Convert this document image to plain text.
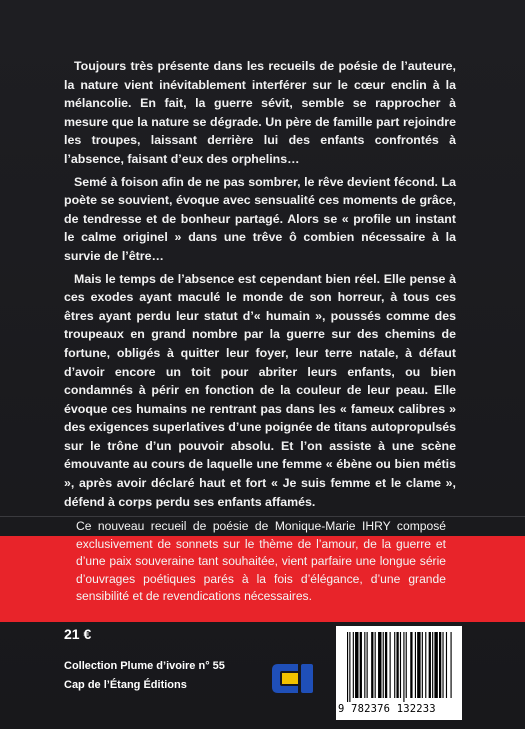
Toujours très présente dans les recueils de poésie de l’auteure, la nature vient inévitablement interférer sur le cœur enclin à la mélancolie. En fait, la guerre sévit, semble se rapprocher à mesure que la nature se dégrade. Un père de famille part rejoindre les troupes, laissant derrière lui des enfants confrontés à l’absence, faisant d’eux des orphelins…

Semé à foison afin de ne pas sombrer, le rêve devient fécond. La poète se souvient, évoque avec sensualité ces moments de grâce, de tendresse et de bonheur partagé. Alors se « profile un instant le calme originel » dans une trêve ô combien nécessaire à la survie de l’être…

Mais le temps de l’absence est cependant bien réel. Elle pense à ces exodes ayant maculé le monde de son horreur, à tous ces êtres ayant perdu leur statut d’« humain », poussés comme des troupeaux en grand nombre par la guerre sur des chemins de fortune, obligés à quitter leur foyer, leur terre natale, à défaut d’avoir encore un toit pour abriter leurs enfants, ou bien condamnés à périr en fonction de la couleur de leur peau. Elle évoque ces humains ne rentrant pas dans les « fameux calibres » des exigences superlatives d’une poignée de titans autopropulsés sur le trône d’un pouvoir absolu. Et l’on assiste à une scène émouvante au cours de laquelle une femme « ébène ou bien métis », après avoir déclaré haut et fort « Je suis femme et le clame », défend à corps perdu ses enfants affamés.

Ce nouveau recueil de poésie de Monique-Marie IHRY composé exclusivement de sonnets sur le thème de l’amour, de la guerre et d’une paix souveraine tant souhaitée, vient parfaire une longue série d’ouvrages poétiques parés à la fois d’élégance, d’une grande sensibilité et de revendications nécessaires.

21 €
Collection Plume d’ivoire n° 55
Cap de l’Étang Éditions
9 782376 132233
